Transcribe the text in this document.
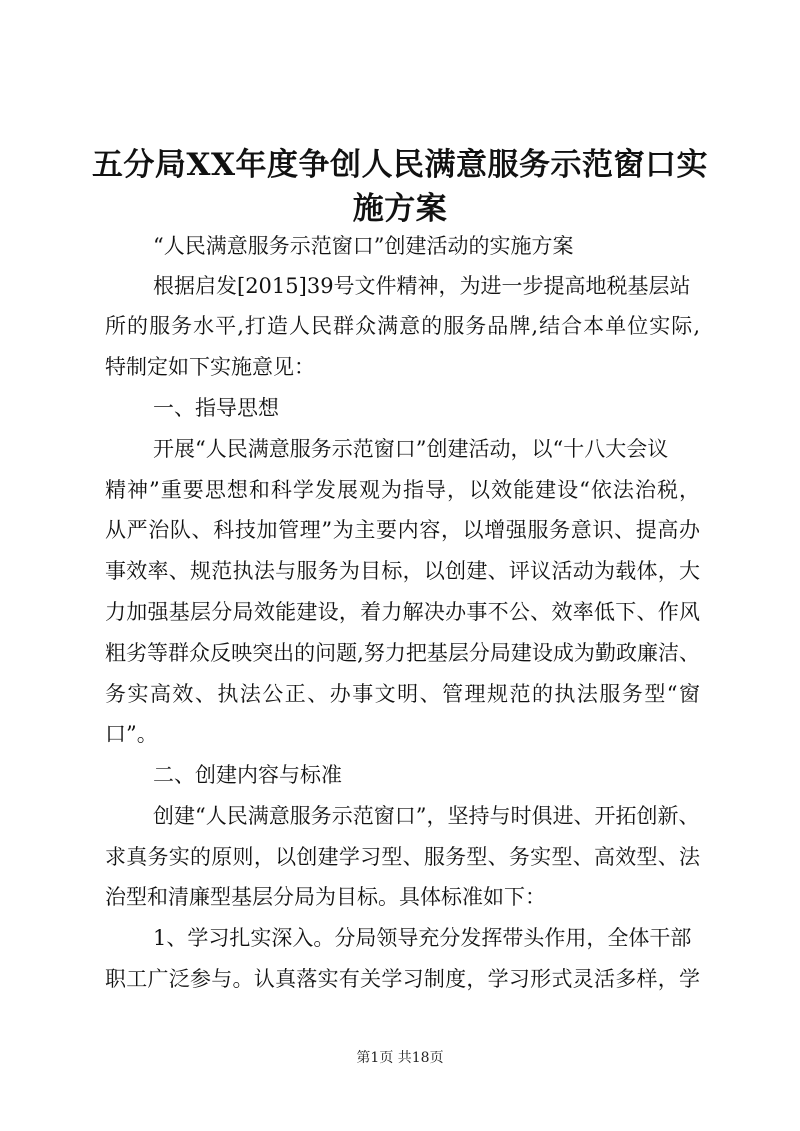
五分局XX年度争创人民满意服务示范窗口实
施方案

“人民满意服务示范窗口”创建活动的实施方案

根据启发[2015]39号文件精神，为进一步提高地税基层站

所的服务水平,打造人民群众满意的服务品牌,结合本单位实际,

特制定如下实施意见：

一、指导思想

开展“人民满意服务示范窗口”创建活动，以“十八大会议

精神”重要思想和科学发展观为指导，以效能建设“依法治税，

从严治队、科技加管理”为主要内容，以增强服务意识、提高办

事效率、规范执法与服务为目标，以创建、评议活动为载体，大

力加强基层分局效能建设，着力解决办事不公、效率低下、作风

粗劣等群众反映突出的问题,努力把基层分局建设成为勤政廉洁、

务实高效、执法公正、办事文明、管理规范的执法服务型“窗

口”。

二、创建内容与标准

创建“人民满意服务示范窗口”，坚持与时俱进、开拓创新、

求真务实的原则，以创建学习型、服务型、务实型、高效型、法

治型和清廉型基层分局为目标。具体标准如下：

1、学习扎实深入。分局领导充分发挥带头作用，全体干部

职工广泛参与。认真落实有关学习制度，学习形式灵活多样，学

第1页 共18页
